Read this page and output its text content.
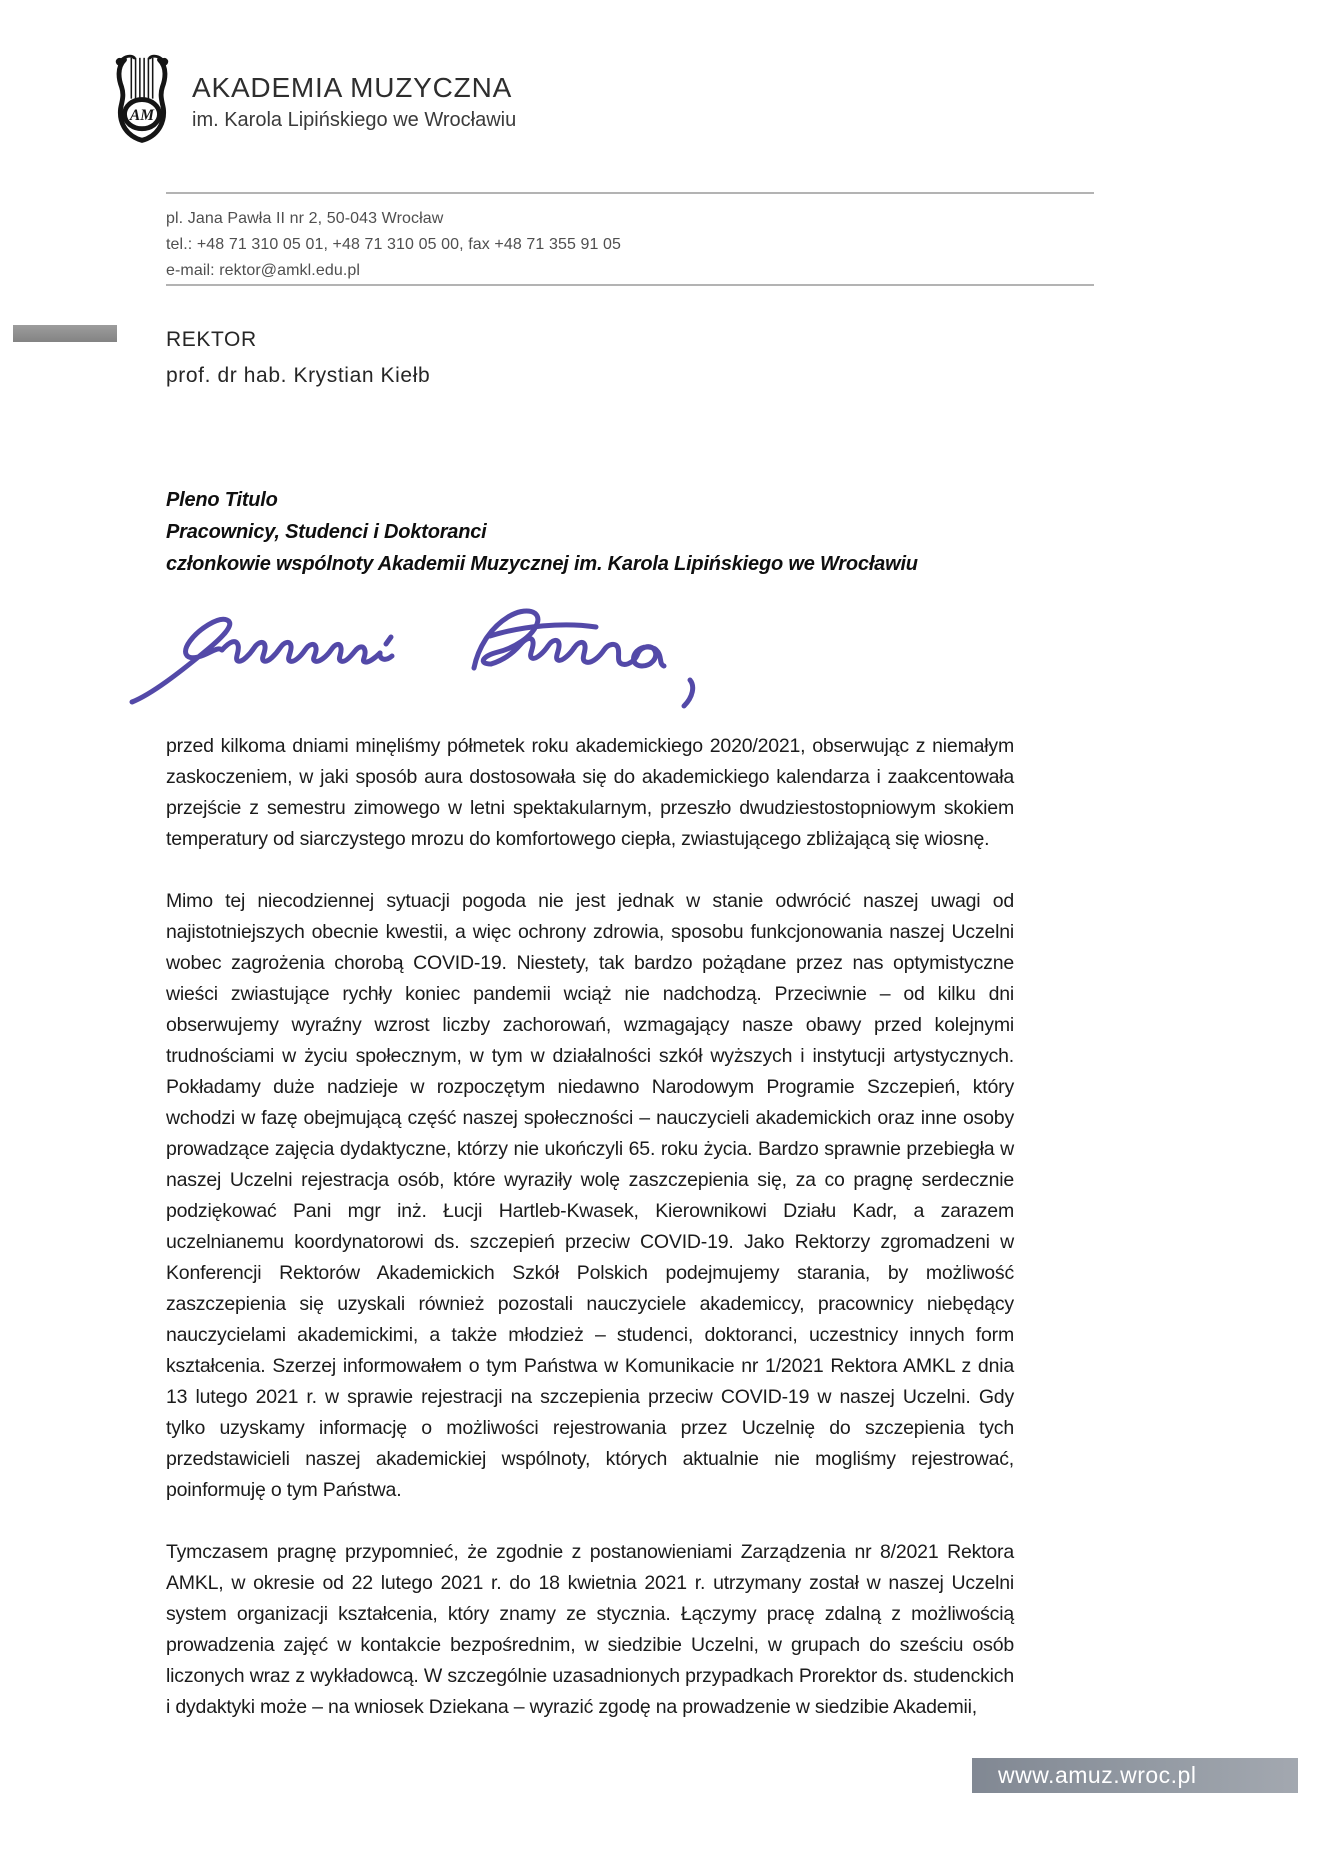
AM
AKADEMIA MUZYCZNA
im. Karola Lipińskiego we Wrocławiu
pl. Jana Pawła II nr 2, 50-043 Wrocław
tel.: +48 71 310 05 01, +48 71 310 05 00, fax +48 71 355 91 05
e-mail: rektor@amkl.edu.pl
REKTOR
prof. dr hab. Krystian Kiełb
Pleno Titulo
Pracownicy, Studenci i Doktoranci
członkowie wspólnoty Akademii Muzycznej im. Karola Lipińskiego we Wrocławiu

przed kilkoma dniami minęliśmy półmetek roku akademickiego 2020/2021, obserwując z niemałym zaskoczeniem, w jaki sposób aura dostosowała się do akademickiego kalendarza i zaakcentowała przejście z semestru zimowego w letni spektakularnym, przeszło dwudziestostopniowym skokiem temperatury od siarczystego mrozu do komfortowego ciepła, zwiastującego zbliżającą się wiosnę.

Mimo tej niecodziennej sytuacji pogoda nie jest jednak w stanie odwrócić naszej uwagi od najistotniejszych obecnie kwestii, a więc ochrony zdrowia, sposobu funkcjonowania naszej Uczelni wobec zagrożenia chorobą COVID-19. Niestety, tak bardzo pożądane przez nas optymistyczne wieści zwiastujące rychły koniec pandemii wciąż nie nadchodzą. Przeciwnie – od kilku dni obserwujemy wyraźny wzrost liczby zachorowań, wzmagający nasze obawy przed kolejnymi trudnościami w życiu społecznym, w tym w działalności szkół wyższych i instytucji artystycznych. Pokładamy duże nadzieje w rozpoczętym niedawno Narodowym Programie Szczepień, który wchodzi w fazę obejmującą część naszej społeczności – nauczycieli akademickich oraz inne osoby prowadzące zajęcia dydaktyczne, którzy nie ukończyli 65. roku życia. Bardzo sprawnie przebiegła w naszej Uczelni rejestracja osób, które wyraziły wolę zaszczepienia się, za co pragnę serdecznie podziękować Pani mgr inż. Łucji Hartleb-Kwasek, Kierownikowi Działu Kadr, a zarazem uczelnianemu koordynatorowi ds. szczepień przeciw COVID-19. Jako Rektorzy zgromadzeni w Konferencji Rektorów Akademickich Szkół Polskich podejmujemy starania, by możliwość zaszczepienia się uzyskali również pozostali nauczyciele akademiccy, pracownicy niebędący nauczycielami akademickimi, a także młodzież – studenci, doktoranci, uczestnicy innych form kształcenia. Szerzej informowałem o tym Państwa w Komunikacie nr 1/2021 Rektora AMKL z dnia 13 lutego 2021 r. w sprawie rejestracji na szczepienia przeciw COVID-19 w naszej Uczelni. Gdy tylko uzyskamy informację o możliwości rejestrowania przez Uczelnię do szczepienia tych przedstawicieli naszej akademickiej wspólnoty, których aktualnie nie mogliśmy rejestrować, poinformuję o tym Państwa.

Tymczasem pragnę przypomnieć, że zgodnie z postanowieniami Zarządzenia nr 8/2021 Rektora AMKL, w okresie od 22 lutego 2021 r. do 18 kwietnia 2021 r. utrzymany został w naszej Uczelni system organizacji kształcenia, który znamy ze stycznia. Łączymy pracę zdalną z możliwością prowadzenia zajęć w kontakcie bezpośrednim, w siedzibie Uczelni, w grupach do sześciu osób liczonych wraz z wykładowcą. W szczególnie uzasadnionych przypadkach Prorektor ds. studenckich i dydaktyki może – na wniosek Dziekana – wyrazić zgodę na prowadzenie w siedzibie Akademii,

www.amuz.wroc.pl
